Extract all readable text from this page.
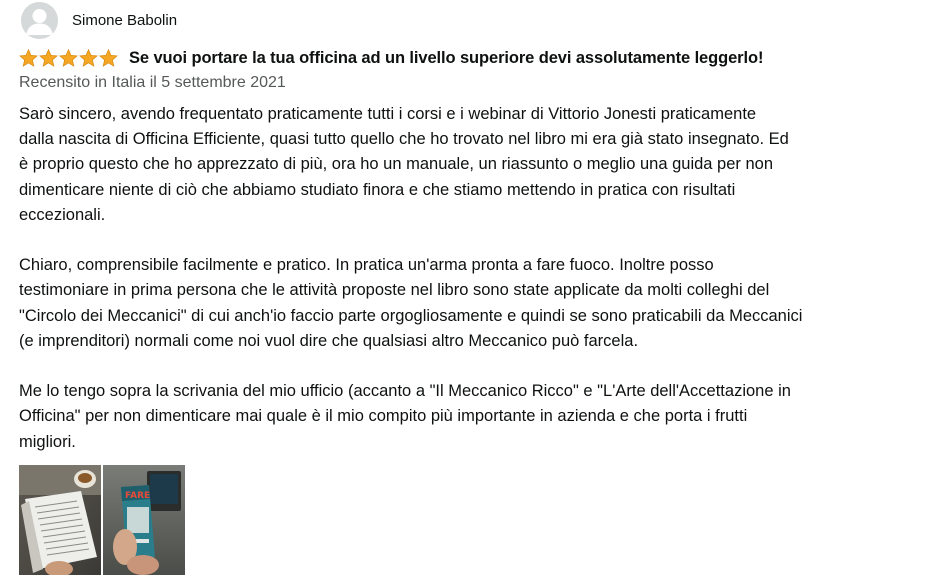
Simone Babolin
Se vuoi portare la tua officina ad un livello superiore devi assolutamente leggerlo!
Recensito in Italia il 5 settembre 2021

Sarò sincero, avendo frequentato praticamente tutti i corsi e i webinar di Vittorio Jonesti praticamente
dalla nascita di Officina Efficiente, quasi tutto quello che ho trovato nel libro mi era già stato insegnato. Ed
è proprio questo che ho apprezzato di più, ora ho un manuale, un riassunto o meglio una guida per non
dimenticare niente di ciò che abbiamo studiato finora e che stiamo mettendo in pratica con risultati
eccezionali.

Chiaro, comprensibile facilmente e pratico. In pratica un'arma pronta a fare fuoco. Inoltre posso
testimoniare in prima persona che le attività proposte nel libro sono state applicate da molti colleghi del
"Circolo dei Meccanici" di cui anch'io faccio parte orgogliosamente e quindi se sono praticabili da Meccanici
(e imprenditori) normali come noi vuol dire che qualsiasi altro Meccanico può farcela.

Me lo tengo sopra la scrivania del mio ufficio (accanto a "Il Meccanico Ricco" e "L'Arte dell'Accettazione in
Officina" per non dimenticare mai quale è il mio compito più importante in azienda e che porta i frutti
migliori.

FARE
